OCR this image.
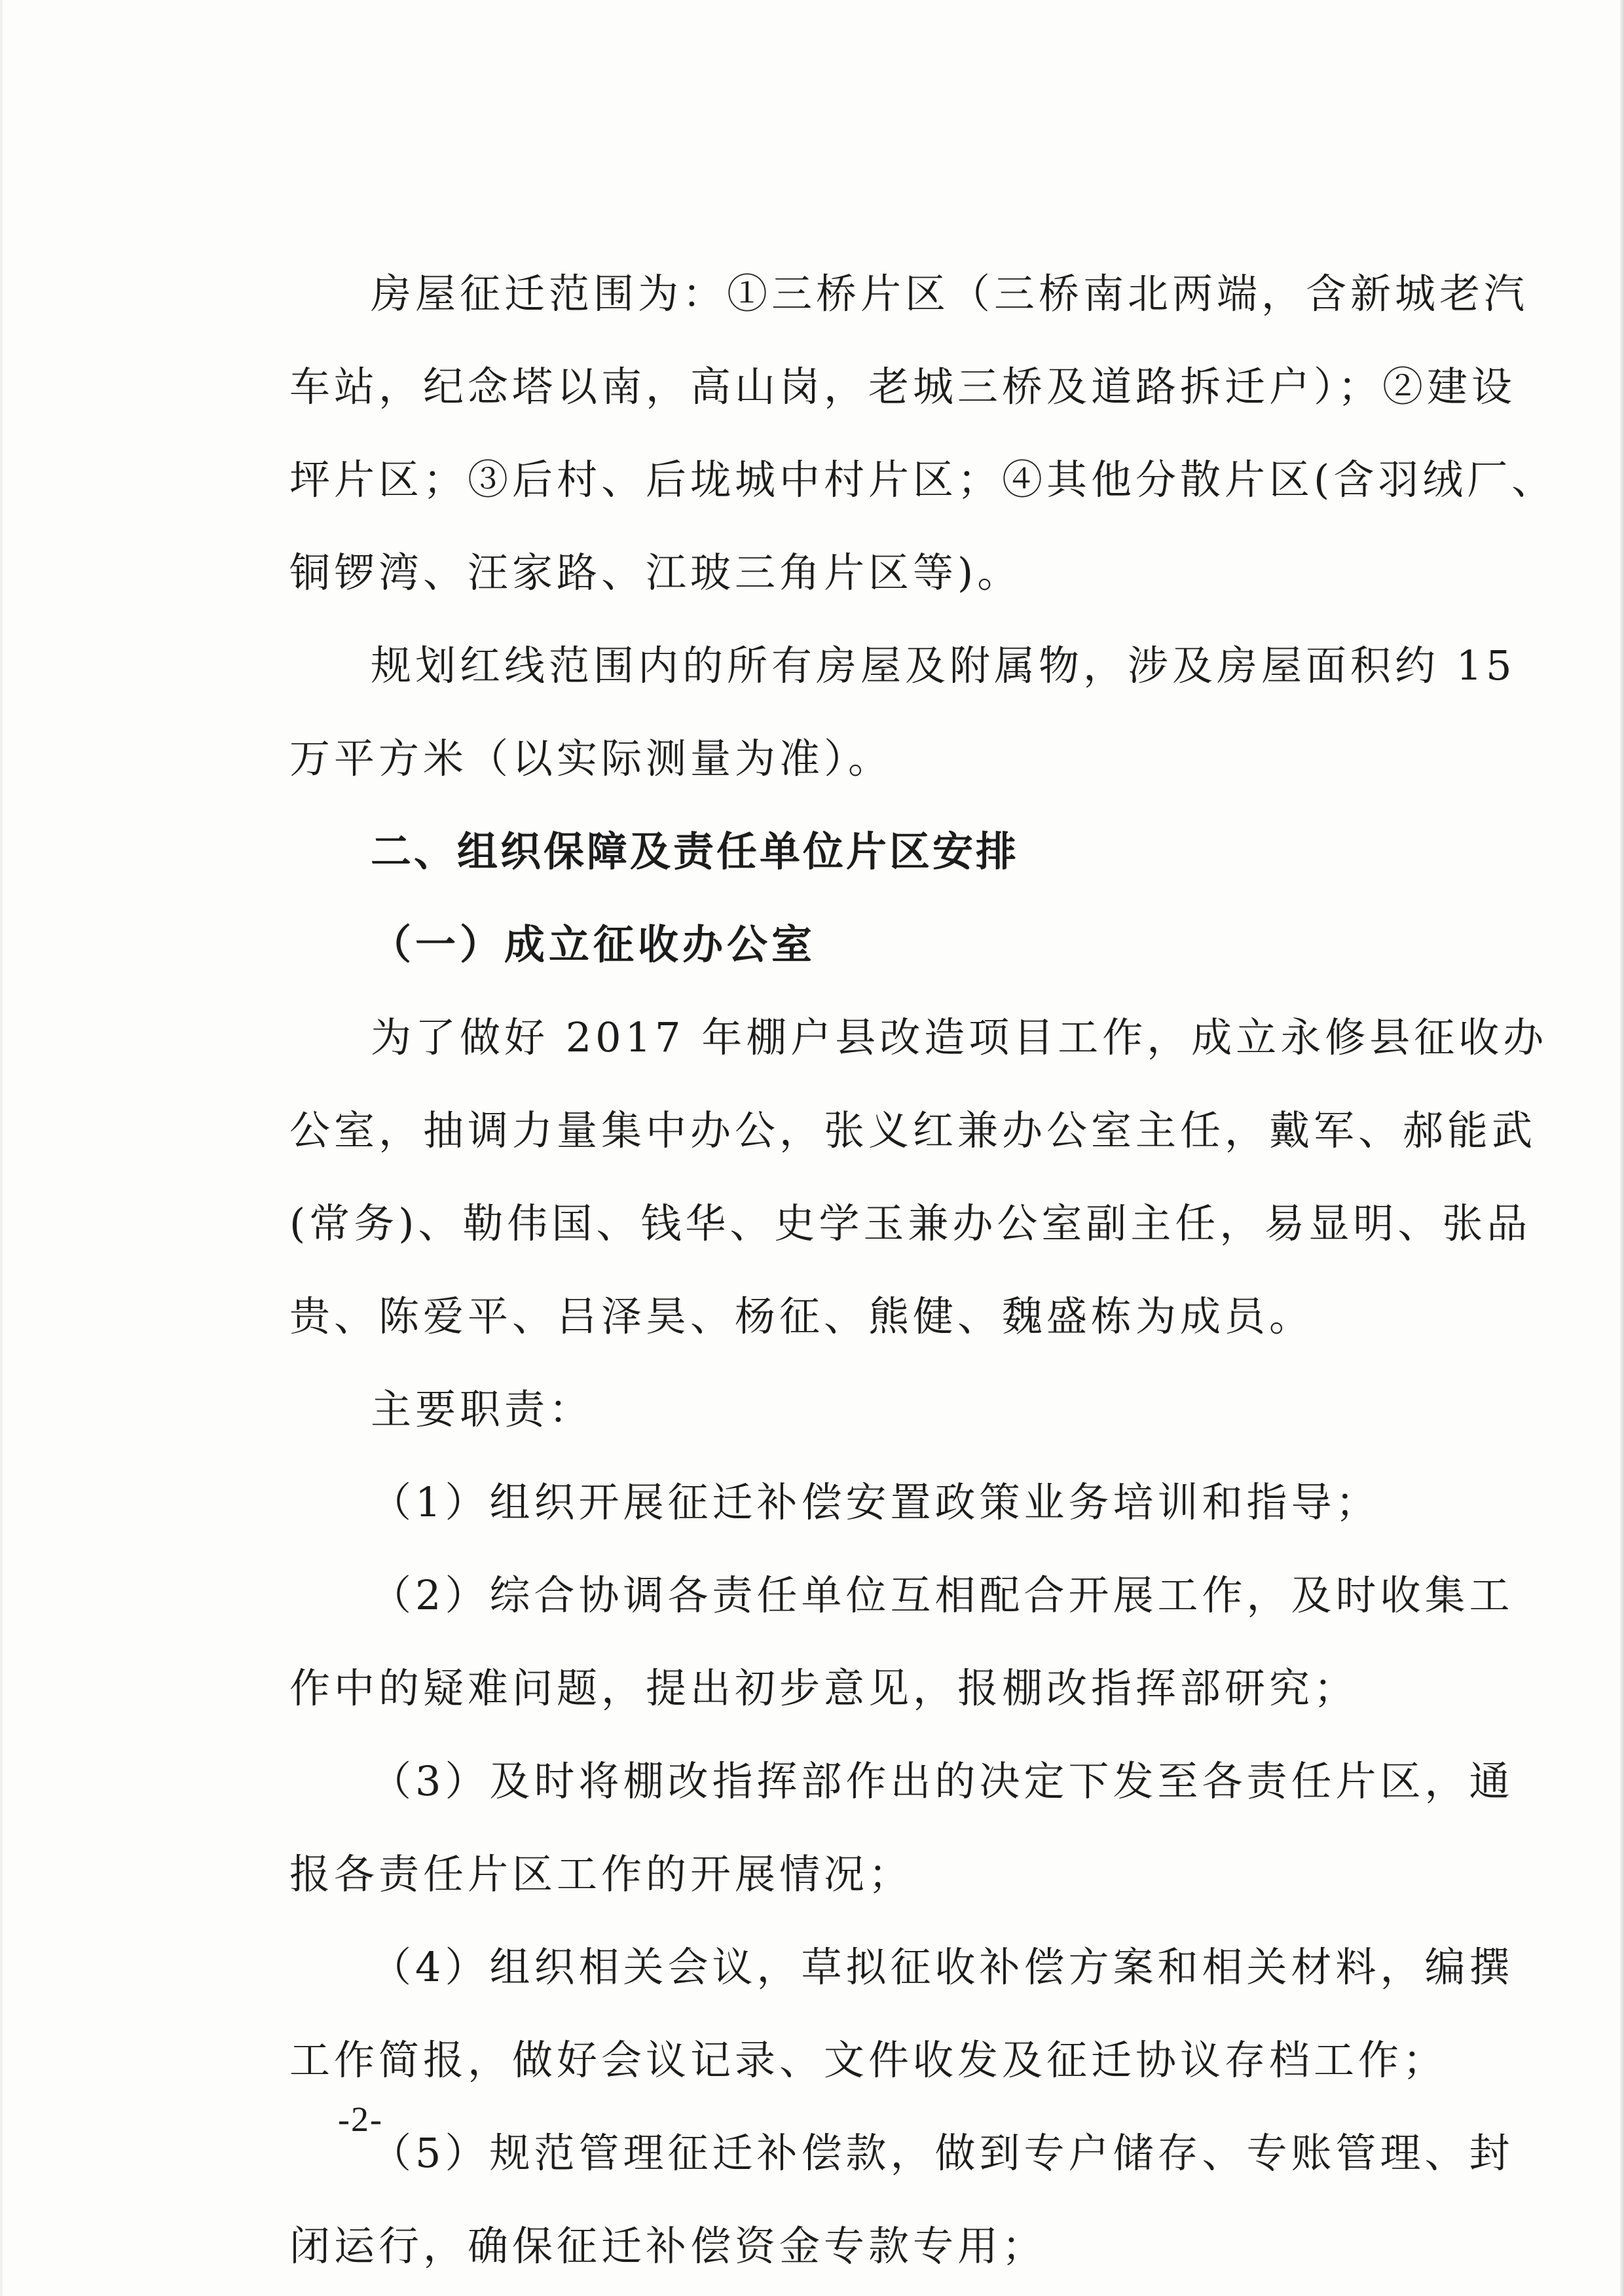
房屋征迁范围为：①三桥片区（三桥南北两端，含新城老汽
车站，纪念塔以南，高山岗，老城三桥及道路拆迁户）；②建设
坪片区；③后村、后垅城中村片区；④其他分散片区(含羽绒厂、
铜锣湾、汪家路、江玻三角片区等)。
规划红线范围内的所有房屋及附属物，涉及房屋面积约 15
万平方米（以实际测量为准）。
二、组织保障及责任单位片区安排
（一）成立征收办公室
为了做好 2017 年棚户县改造项目工作，成立永修县征收办
公室，抽调力量集中办公，张义红兼办公室主任，戴军、郝能武
(常务)、勒伟国、钱华、史学玉兼办公室副主任，易显明、张品
贵、陈爱平、吕泽昊、杨征、熊健、魏盛栋为成员。
主要职责：
（1）组织开展征迁补偿安置政策业务培训和指导；
（2）综合协调各责任单位互相配合开展工作，及时收集工
作中的疑难问题，提出初步意见，报棚改指挥部研究；
（3）及时将棚改指挥部作出的决定下发至各责任片区，通
报各责任片区工作的开展情况；
（4）组织相关会议，草拟征收补偿方案和相关材料，编撰
工作简报，做好会议记录、文件收发及征迁协议存档工作；
（5）规范管理征迁补偿款，做到专户储存、专账管理、封
闭运行，确保征迁补偿资金专款专用；
-2-
